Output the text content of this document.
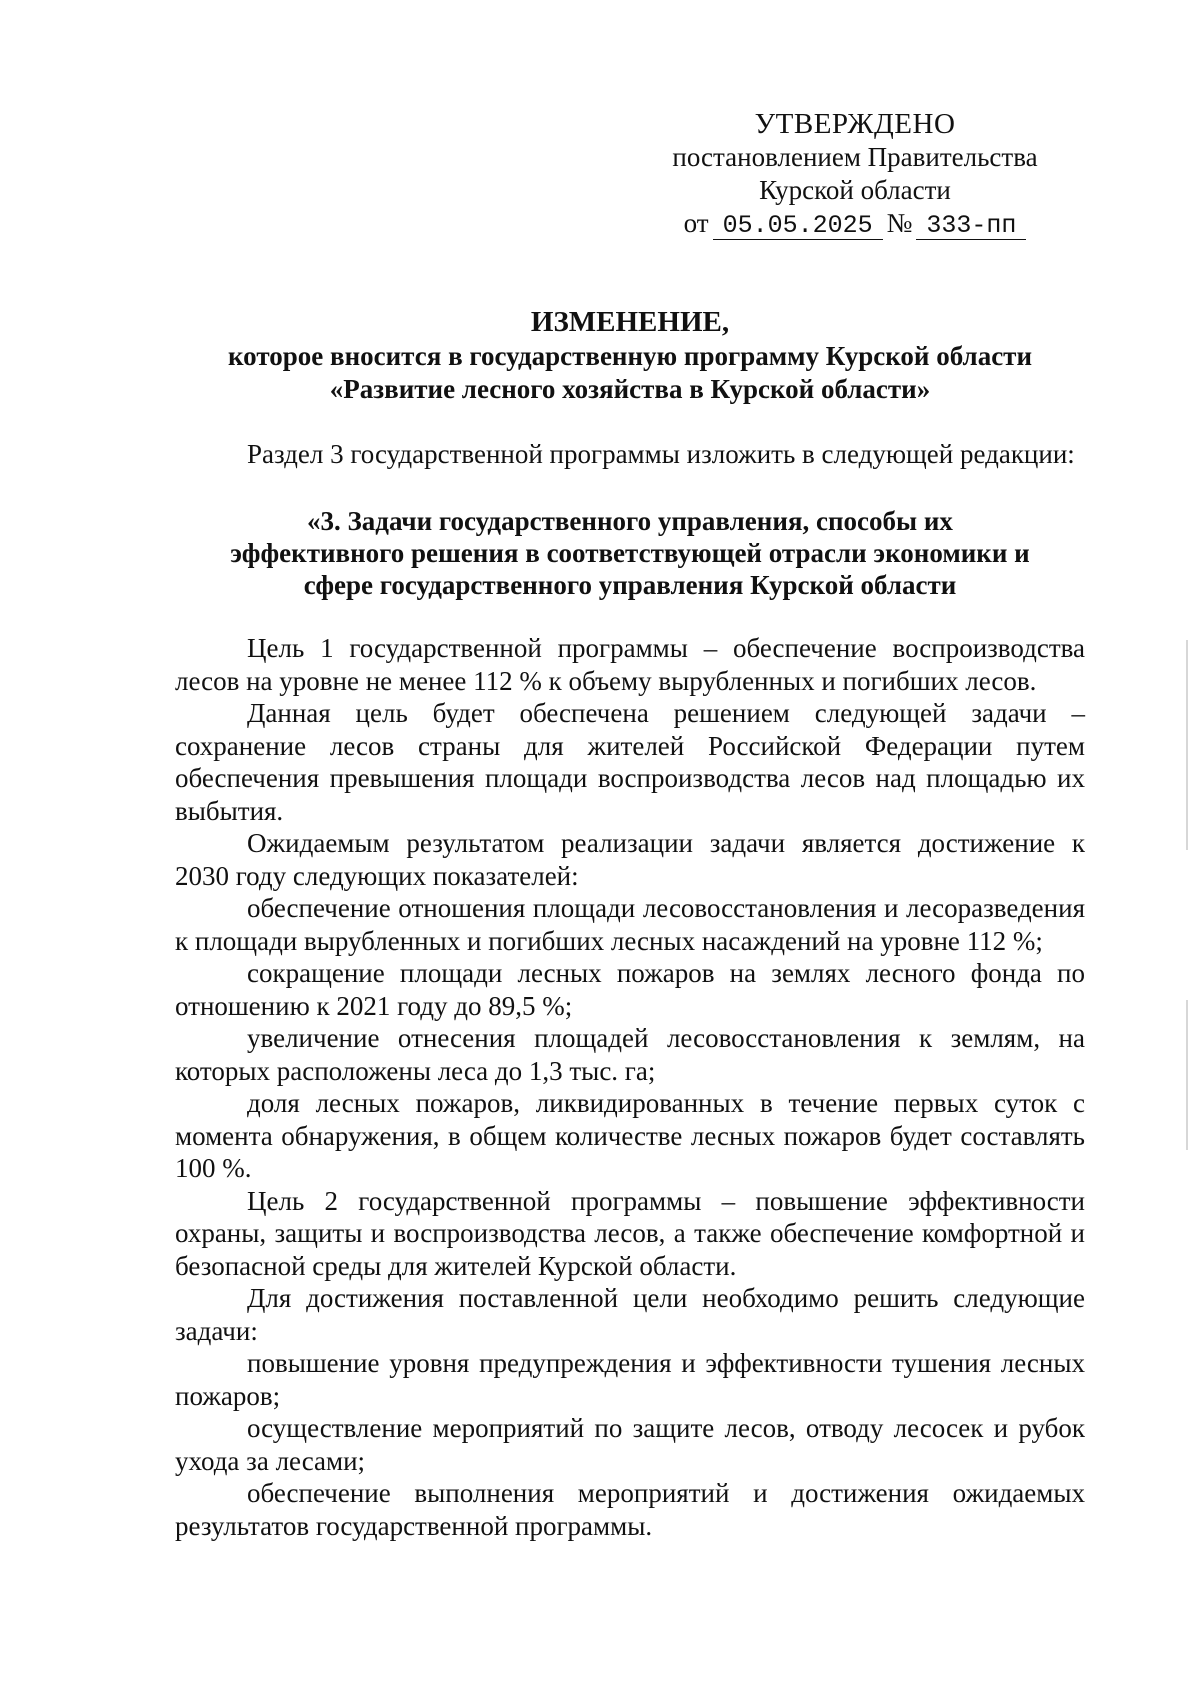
УТВЕРЖДЕНО
постановлением Правительства
Курской области
от 05.05.2025 № 333-пп
ИЗМЕНЕНИЕ,
которое вносится в государственную программу Курской области
«Развитие лесного хозяйства в Курской области»

Раздел 3 государственной программы изложить в следующей редакции:

«3. Задачи государственного управления, способы их
эффективного решения в соответствующей отрасли экономики и
сфере государственного управления Курской области

Цель 1 государственной программы – обеспечение воспроизводства лесов на уровне не менее 112 % к объему вырубленных и погибших лесов.

Данная цель будет обеспечена решением следующей задачи – сохранение лесов страны для жителей Российской Федерации путем обеспечения превышения площади воспроизводства лесов над площадью их выбытия.

Ожидаемым результатом реализации задачи является достижение к 2030 году следующих показателей:

обеспечение отношения площади лесовосстановления и лесоразведения к площади вырубленных и погибших лесных насаждений на уровне 112 %;

сокращение площади лесных пожаров на землях лесного фонда по отношению к 2021 году до 89,5 %;

увеличение отнесения площадей лесовосстановления к землям, на которых расположены леса до 1,3 тыс. га;

доля лесных пожаров, ликвидированных в течение первых суток с момента обнаружения, в общем количестве лесных пожаров будет составлять 100 %.

Цель 2 государственной программы – повышение эффективности охраны, защиты и воспроизводства лесов, а также обеспечение комфортной и безопасной среды для жителей Курской области.

Для достижения поставленной цели необходимо решить следующие задачи:

повышение уровня предупреждения и эффективности тушения лесных пожаров;

осуществление мероприятий по защите лесов, отводу лесосек и рубок ухода за лесами;

обеспечение выполнения мероприятий и достижения ожидаемых результатов государственной программы.
